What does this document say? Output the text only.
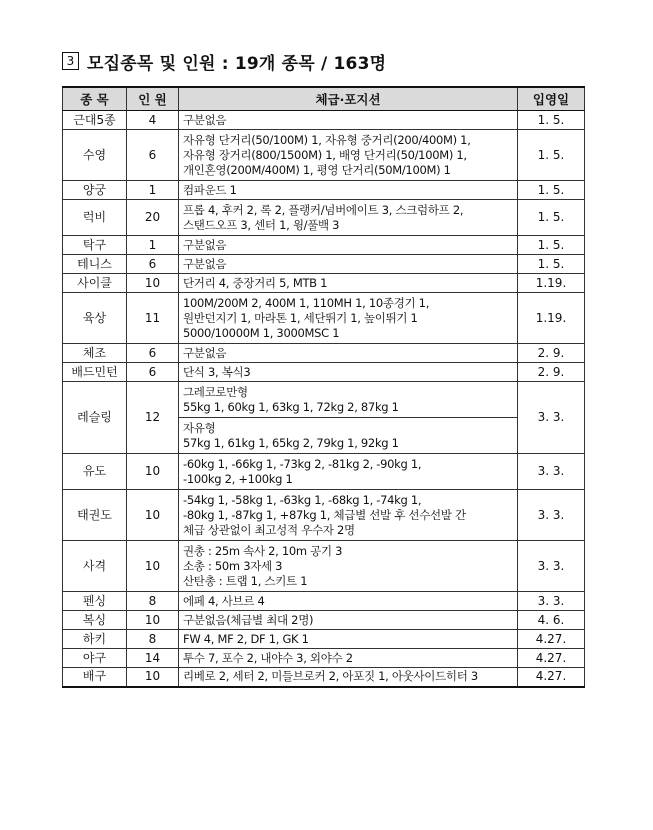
3 모집종목 및 인원 : 19개 종목 / 163명
종 목	인 원	체급·포지션	입영일
근대5종	4	구분없음	1. 5.
수영	6	자유형 단거리(50/100M) 1, 자유형 중거리(200/400M) 1,
자유형 장거리(800/1500M) 1, 배영 단거리(50/100M) 1,
개인혼영(200M/400M) 1, 평영 단거리(50M/100M) 1	1. 5.
양궁	1	컴파운드 1	1. 5.
럭비	20	프롭 4, 후커 2, 록 2, 플랭커/넘버에이트 3, 스크럼하프 2,
스탠드오프 3, 센터 1, 윙/풀백 3	1. 5.
탁구	1	구분없음	1. 5.
테니스	6	구분없음	1. 5.
사이클	10	단거리 4, 중장거리 5, MTB 1	1.19.
육상	11	100M/200M 2, 400M 1, 110MH 1, 10종경기 1,
원반던지기 1, 마라톤 1, 세단뛰기 1, 높이뛰기 1
5000/10000M 1, 3000MSC 1	1.19.
체조	6	구분없음	2. 9.
배드민턴	6	단식 3, 복식3	2. 9.
레슬링	12	그레코로만형
55kg 1, 60kg 1, 63kg 1, 72kg 2, 87kg 1	3. 3.

		자유형
57kg 1, 61kg 1, 65kg 2, 79kg 1, 92kg 1	

유도	10	-60kg 1, -66kg 1, -73kg 2, -81kg 2, -90kg 1,
-100kg 2, +100kg 1	3. 3.
태권도	10	-54kg 1, -58kg 1, -63kg 1, -68kg 1, -74kg 1,
-80kg 1, -87kg 1, +87kg 1, 체급별 선발 후 선수선발 간
체급 상관없이 최고성적 우수자 2명	3. 3.
사격	10	권총 : 25m 속사 2, 10m 공기 3
소총 : 50m 3자세 3
산탄총 : 트랩 1, 스키트 1	3. 3.
펜싱	8	에페 4, 사브르 4	3. 3.
복싱	10	구분없음(체급별 최대 2명)	4. 6.
하키	8	FW 4, MF 2, DF 1, GK 1	4.27.
야구	14	투수 7, 포수 2, 내야수 3, 외야수 2	4.27.
배구	10	리베로 2, 세터 2, 미들브로커 2, 아포짓 1, 아웃사이드히터 3	4.27.
